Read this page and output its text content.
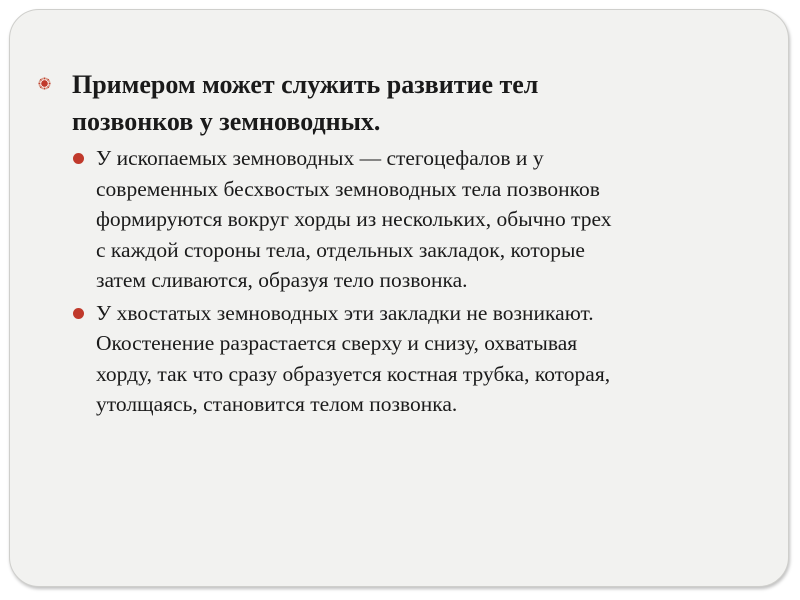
Примером может служить развитие тел
позвонков у земноводных.
У ископаемых земноводных — стегоцефалов и у
современных бесхвостых земноводных тела позвонков
формируются вокруг хорды из нескольких, обычно трех
с каждой стороны тела, отдельных закладок, которые
затем сливаются, образуя тело позвонка.
У хвостатых земноводных эти закладки не возникают.
Окостенение разрастается сверху и снизу, охватывая
хорду, так что сразу образуется костная трубка, которая,
утолщаясь, становится телом позвонка.
